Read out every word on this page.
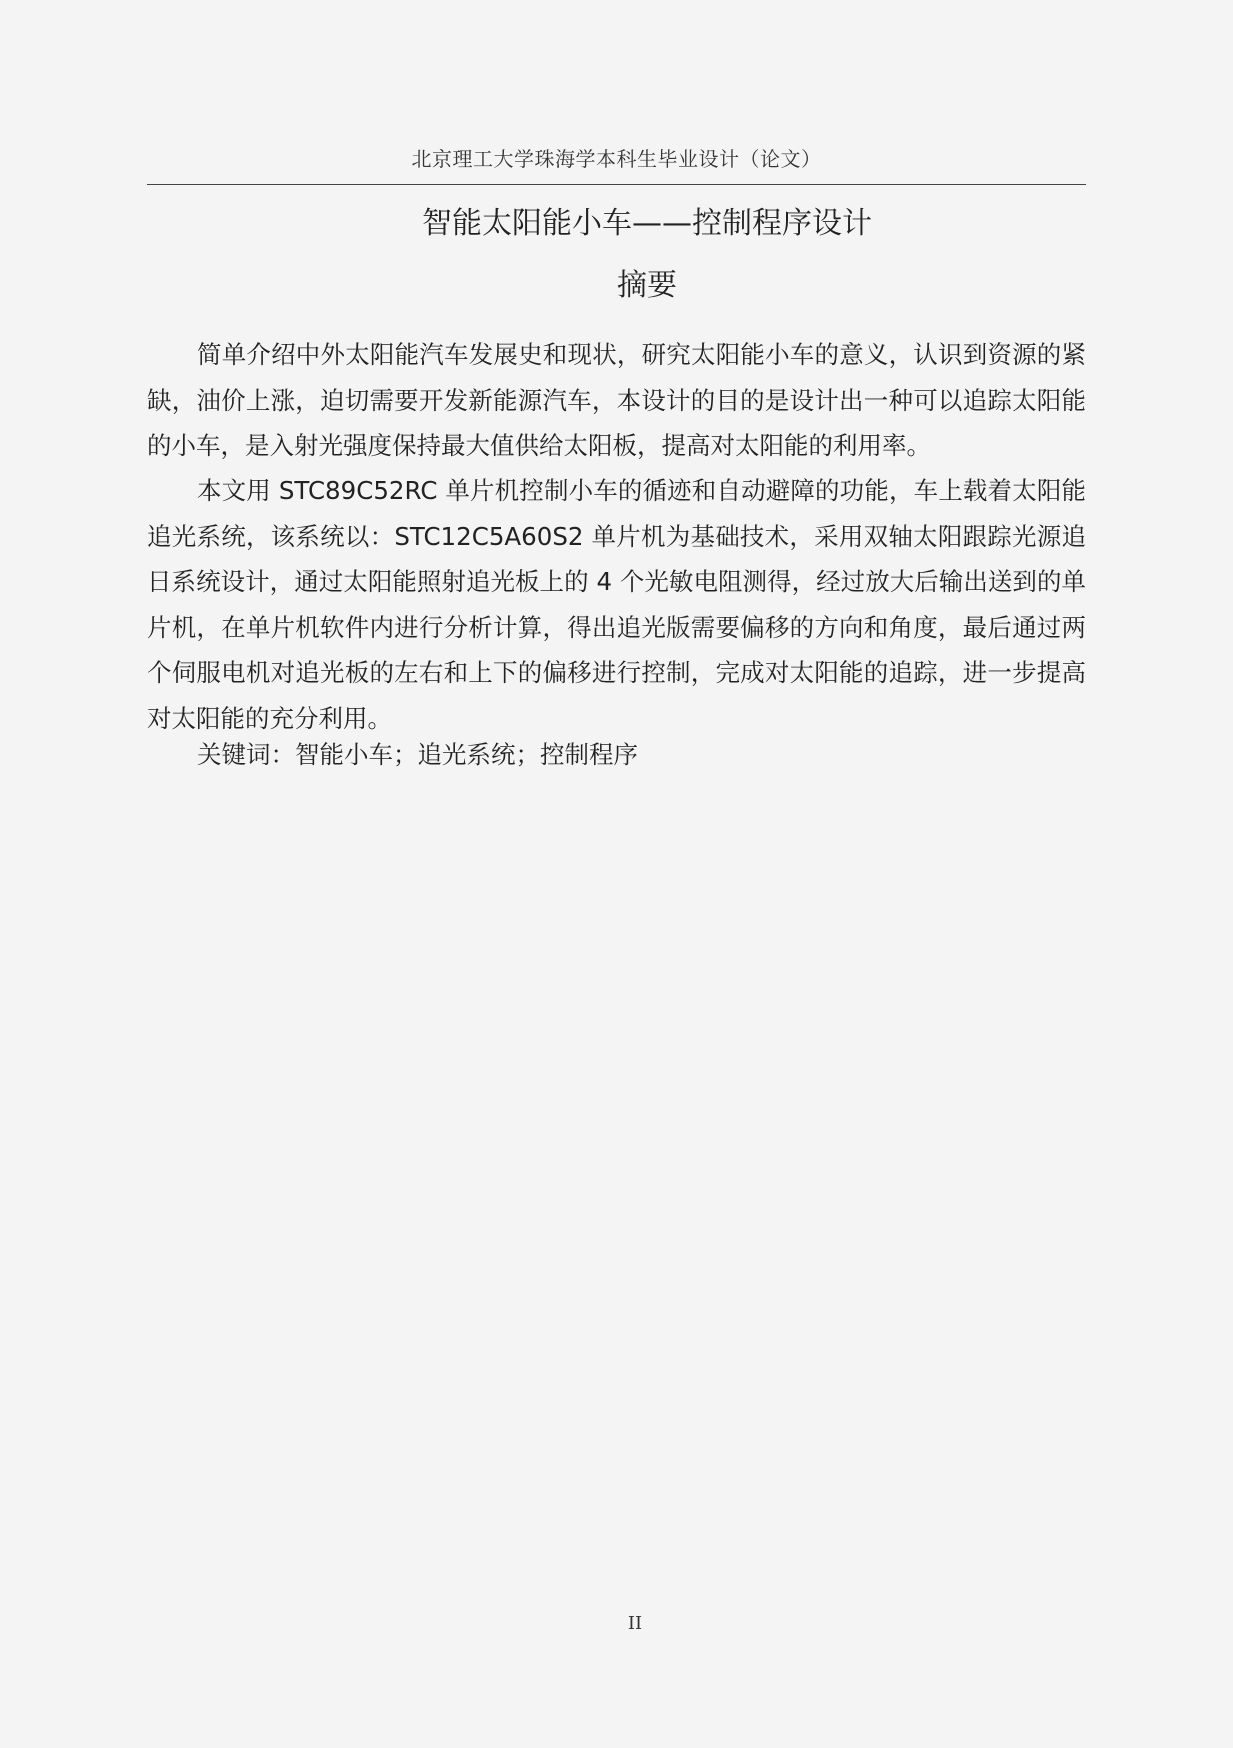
北京理工大学珠海学本科生毕业设计（论文）
智能太阳能小车——控制程序设计
摘要

简单介绍中外太阳能汽车发展史和现状，研究太阳能小车的意义，认识到资源的紧缺，油价上涨，迫切需要开发新能源汽车，本设计的目的是设计出一种可以追踪太阳能的小车，是入射光强度保持最大值供给太阳板，提高对太阳能的利用率。

本文用 STC89C52RC 单片机控制小车的循迹和自动避障的功能，车上载着太阳能追光系统，该系统以：STC12C5A60S2 单片机为基础技术，采用双轴太阳跟踪光源追日系统设计，通过太阳能照射追光板上的 4 个光敏电阻测得，经过放大后输出送到的单片机，在单片机软件内进行分析计算，得出追光版需要偏移的方向和角度，最后通过两个伺服电机对追光板的左右和上下的偏移进行控制，完成对太阳能的追踪，进一步提高对太阳能的充分利用。

关键词：智能小车；追光系统；控制程序

II
